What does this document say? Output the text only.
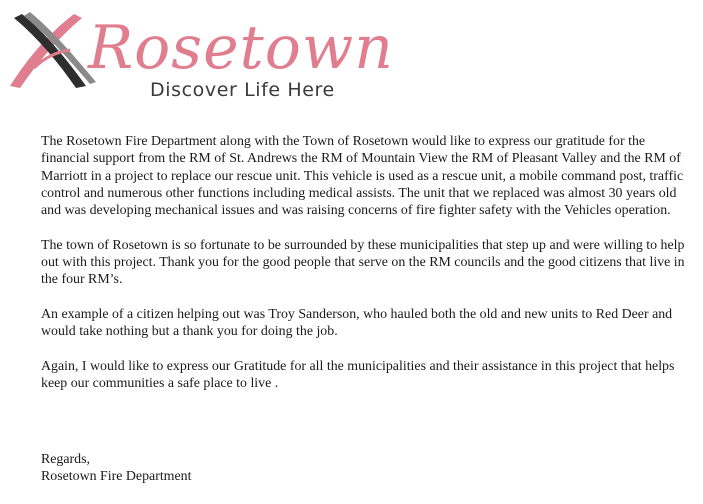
Rosetown
Discover Life Here

The Rosetown Fire Department along with the Town of Rosetown would like to express our gratitude for the financial support from the RM of St. Andrews the RM of Mountain View the RM of Pleasant Valley and the RM of Marriott in a project to replace our rescue unit. This vehicle is used as a rescue unit, a mobile command post, traffic control and numerous other functions including medical assists. The unit that we replaced was almost 30 years old and was developing mechanical issues and was raising concerns of fire fighter safety with the Vehicles operation.

The town of Rosetown is so fortunate to be surrounded by these municipalities that step up and were willing to help out with this project. Thank you for the good people that serve on the RM councils and the good citizens that live in the four RM’s.

An example of a citizen helping out was Troy Sanderson, who hauled both the old and new units to Red Deer and would take nothing but a thank you for doing the job.

Again, I would like to express our Gratitude for all the municipalities and their assistance in this project that helps keep our communities a safe place to live .

Regards,
Rosetown Fire Department
